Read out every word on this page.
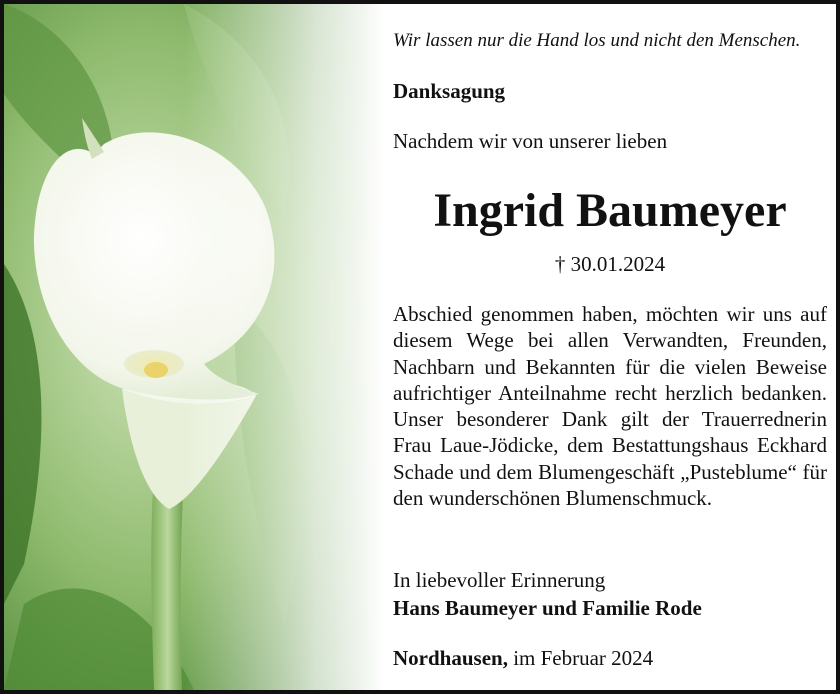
Wir lassen nur die Hand los und nicht den Menschen.
Danksagung
Nachdem wir von unserer lieben
Ingrid Baumeyer
† 30.01.2024
Abschied genommen haben, möchten wir uns auf diesem Wege bei allen Verwandten, Freunden, Nachbarn und Bekannten für die vielen Beweise aufrichtiger Anteilnahme recht herzlich bedanken. Unser besonderer Dank gilt der Trauerrednerin Frau Laue-Jödicke, dem Bestattungshaus Eckhard Schade und dem Blumengeschäft „Pusteblume“ für den wunderschönen Blumenschmuck.
In liebevoller Erinnerung
Hans Baumeyer und Familie Rode
Nordhausen, im Februar 2024
